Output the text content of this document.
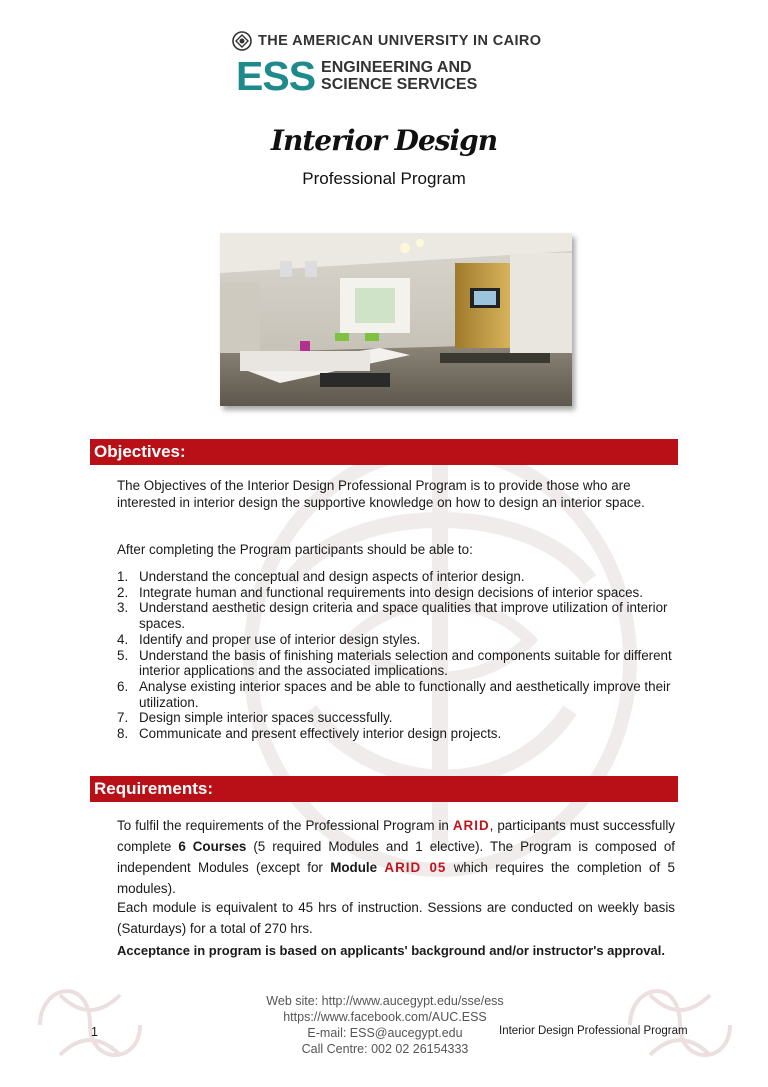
THE AMERICAN UNIVERSITY IN CAIRO
ESS ENGINEERING AND
SCIENCE SERVICES
Interior Design
Professional Program
Objectives:
The Objectives of the Interior Design Professional Program is to provide those who are interested in interior design the supportive knowledge on how to design an interior space.
After completing the Program participants should be able to:
1. Understand the conceptual and design aspects of interior design.
2. Integrate human and functional requirements into design decisions of interior spaces.
3. Understand aesthetic design criteria and space qualities that improve utilization of interior spaces.
4. Identify and proper use of interior design styles.
5. Understand the basis of finishing materials selection and components suitable for different interior applications and the associated implications.
6. Analyse existing interior spaces and be able to functionally and aesthetically improve their utilization.
7. Design simple interior spaces successfully.
8. Communicate and present effectively interior design projects.
Requirements:
To fulfil the requirements of the Professional Program in ARID, participants must successfully complete 6 Courses (5 required Modules and 1 elective). The Program is composed of independent Modules (except for Module ARID 05 which requires the completion of 5 modules).
Each module is equivalent to 45 hrs of instruction. Sessions are conducted on weekly basis (Saturdays) for a total of 270 hrs.
Acceptance in program is based on applicants' background and/or instructor's approval.
Web site: http://www.aucegypt.edu/sse/ess
https://www.facebook.com/AUC.ESS
E-mail: ESS@aucegypt.edu
Call Centre: 002 02 26154333
1	Interior Design Professional Program
